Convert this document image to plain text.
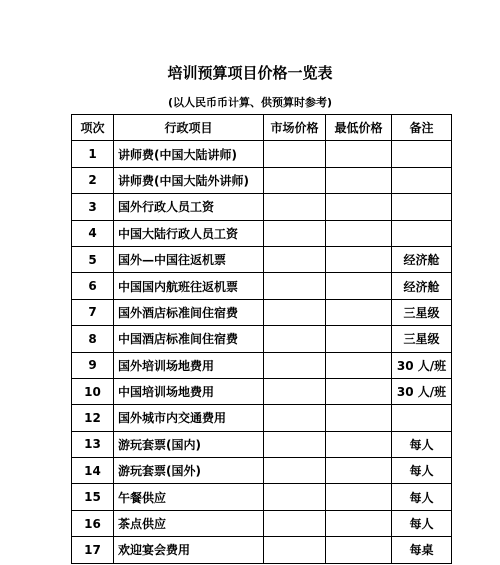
培训预算项目价格一览表
(以人民币币计算、供预算时参考)
项次	行政项目	市场价格	最低价格	备注
1	讲师费(中国大陆讲师)			
2	讲师费(中国大陆外讲师)			
3	国外行政人员工资			
4	中国大陆行政人员工资			
5	国外—中国往返机票			经济舱
6	中国国内航班往返机票			经济舱
7	国外酒店标准间住宿费			三星级
8	中国酒店标准间住宿费			三星级
9	国外培训场地费用			30 人/班
10	中国培训场地费用			30 人/班
12	国外城市内交通费用			
13	游玩套票(国内)			每人
14	游玩套票(国外)			每人
15	午餐供应			每人
16	茶点供应			每人
17	欢迎宴会费用			每桌
